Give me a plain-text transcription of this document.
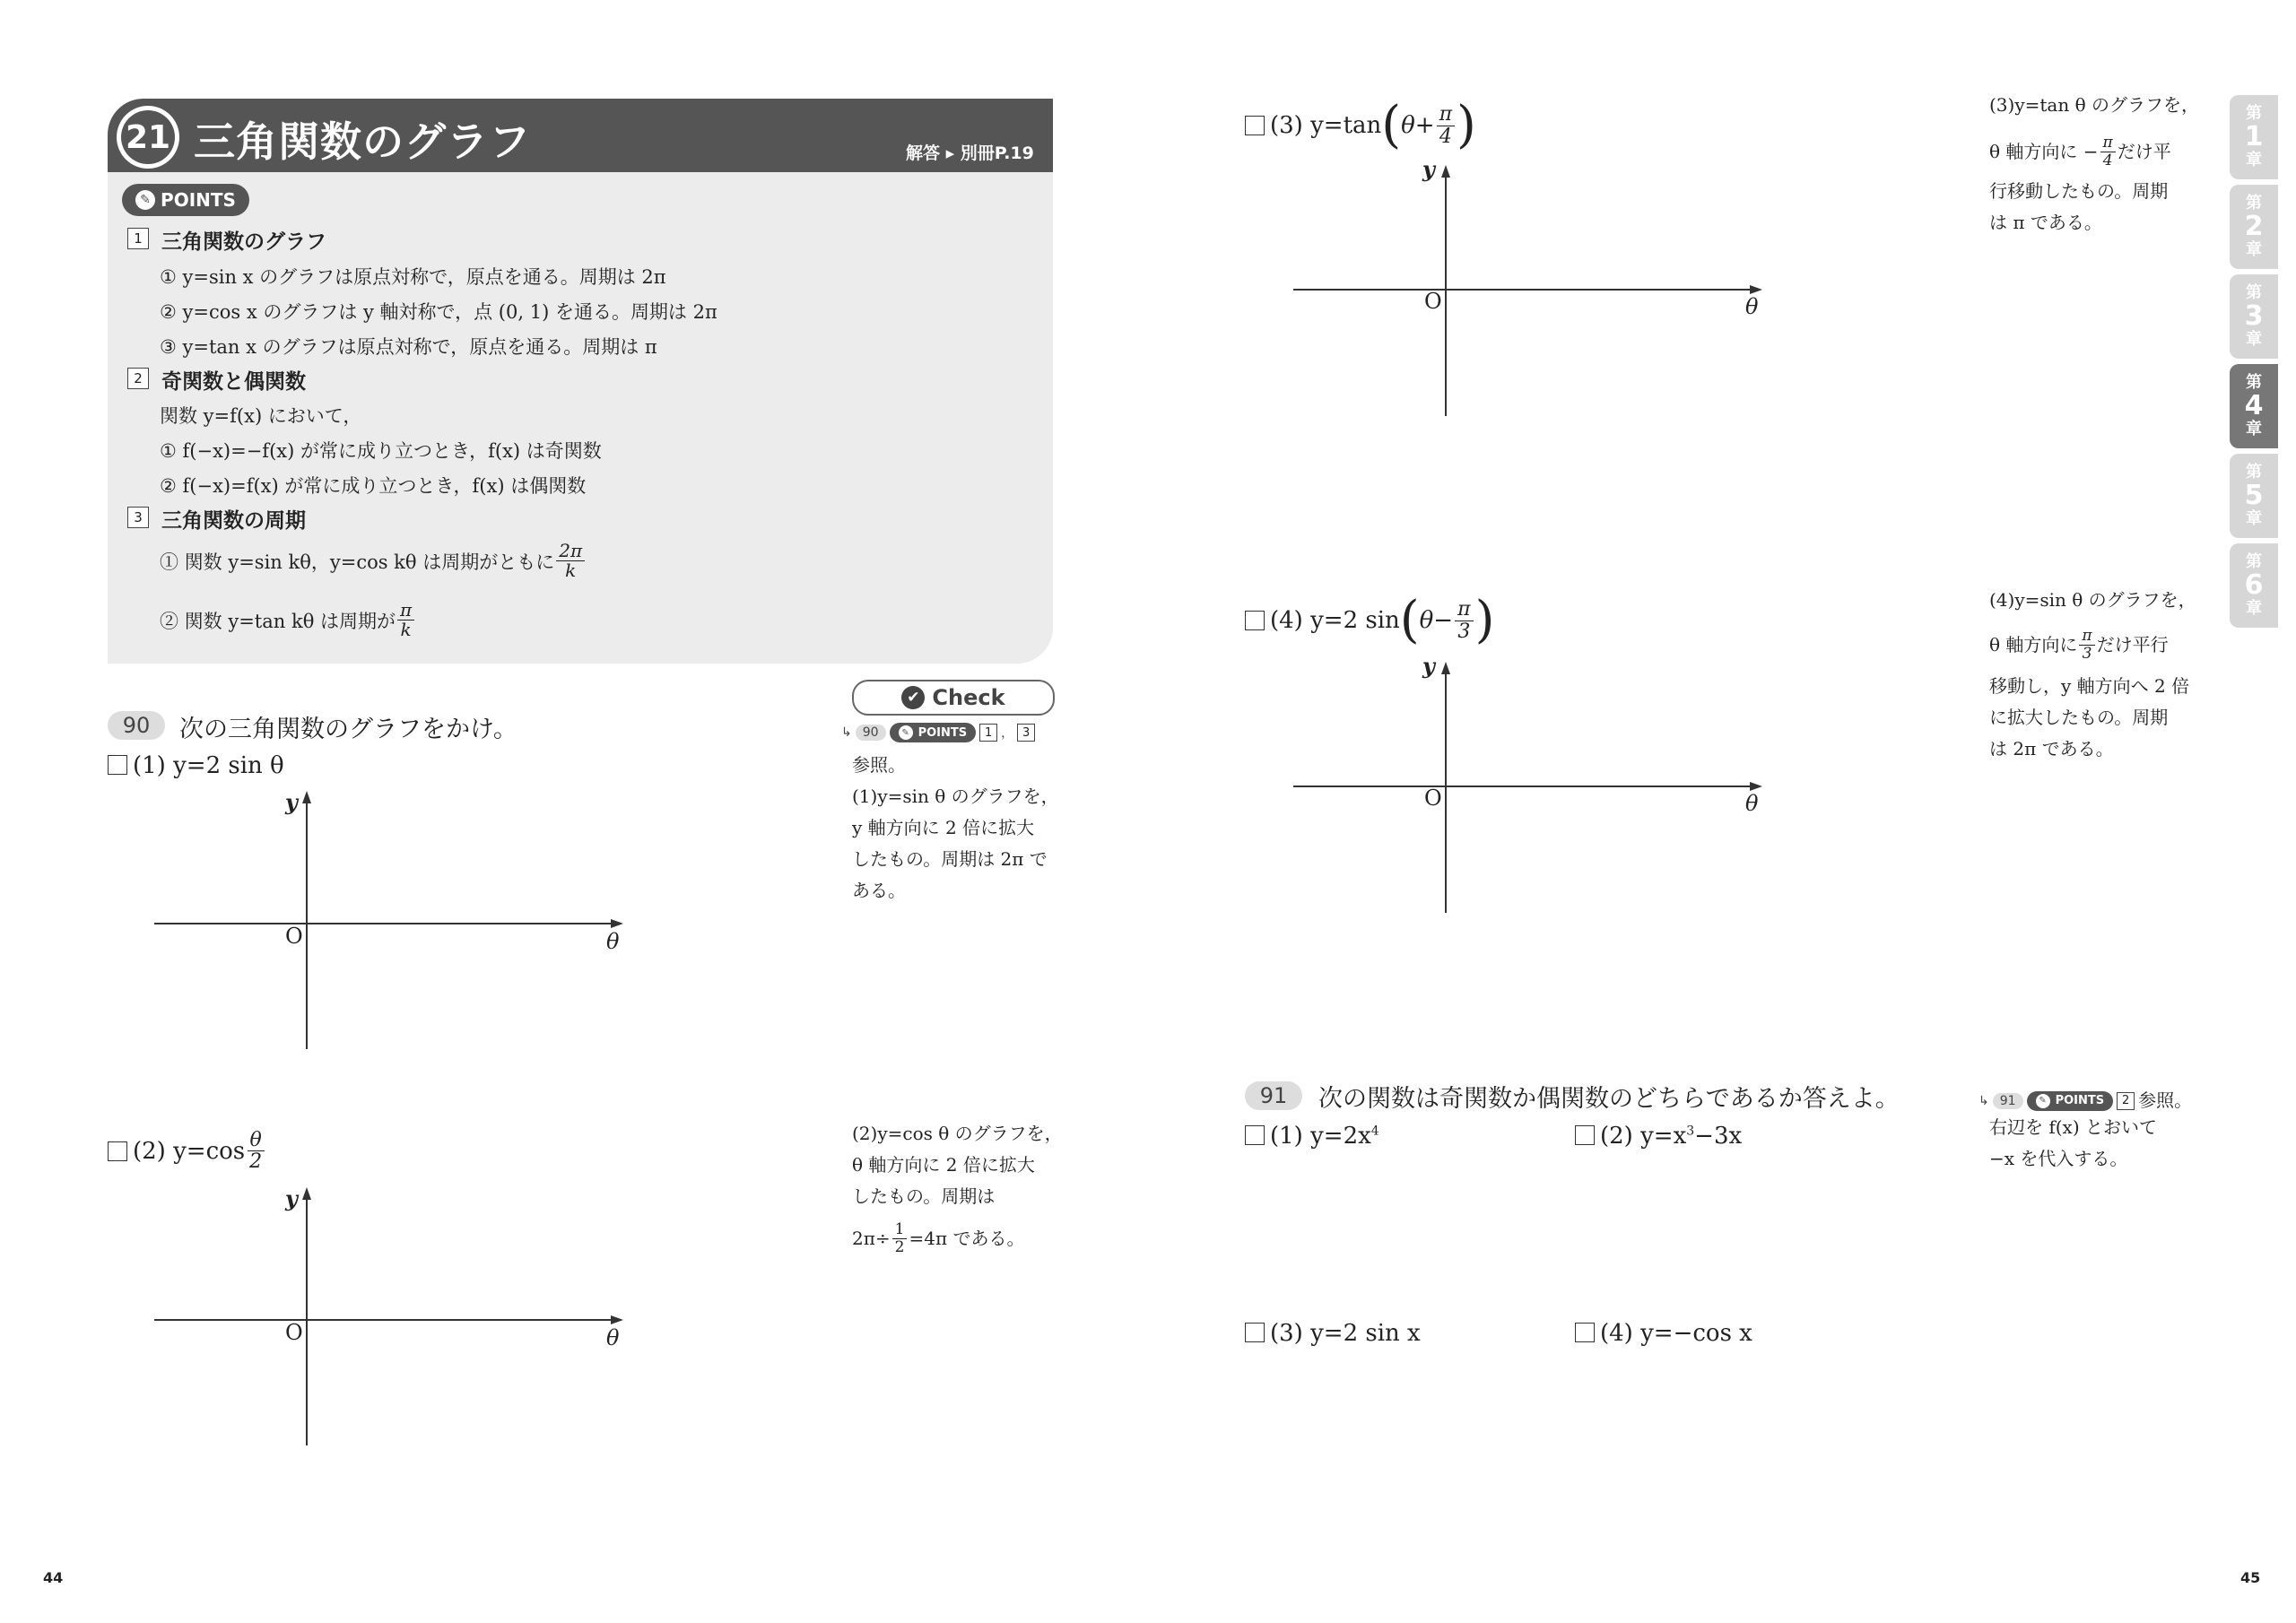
21 三角関数のグラフ	解答 ▸ 別冊P.19
✎ POINTS
1 三角関数のグラフ
① y=sin x のグラフは原点対称で，原点を通る。周期は 2π
② y=cos x のグラフは y 軸対称で，点 (0, 1) を通る。周期は 2π
③ y=tan x のグラフは原点対称で，原点を通る。周期は π
2 奇関数と偶関数
関数 y=f(x) において，
① f(−x)=−f(x) が常に成り立つとき，f(x) は奇関数
② f(−x)=f(x) が常に成り立つとき，f(x) は偶関数
3 三角関数の周期
① 関数 y=sin kθ，y=cos kθ は周期がともに $\frac{2\pi}{k}$
② 関数 y=tan kθ は周期が $\frac{\pi}{k}$
90	次の三角関数のグラフをかけ。
(1) y=2 sin θ
y
θ
O
(2) $y=\cos \frac{\theta}{2}$
y
θ
O
✔ Check
↳ 90	✎ POINTS	1 ， 3
参照。
(1)y=sin θ のグラフを，
y 軸方向に 2 倍に拡大
したもの。周期は 2π で
ある。
(2)y=cos θ のグラフを，
θ 軸方向に 2 倍に拡大
したもの。周期は
$2\pi\div \frac{1}{2} =4\pi$ である。
44
(3) y=tan ( $\theta+ \frac{\pi}{4}$ )
y
θ
O
(4) y=2 sin ( $\theta- \frac{\pi}{3}$ )
y
θ
O
(3)y=tan θ のグラフを，
θ 軸方向に − $\frac{\pi}{4}$ だけ平
行移動したもの。周期
は π である。
(4)y=sin θ のグラフを，
θ 軸方向に $\frac{\pi}{3}$ だけ平行
移動し，y 軸方向へ 2 倍
に拡大したもの。周期
は 2π である。
91	次の関数は奇関数か偶関数のどちらであるか答えよ。
(1) $y=2x^4$	(2) $y=x^3-3x$
(3) y=2 sin x	(4) y=−cos x
↳ 91	✎ POINTS	2 参照。
右辺を f(x) とおいて
−x を代入する。
第
1
章
第
2
章
第
3
章
第
4
章
第
5
章
第
6
章
45
